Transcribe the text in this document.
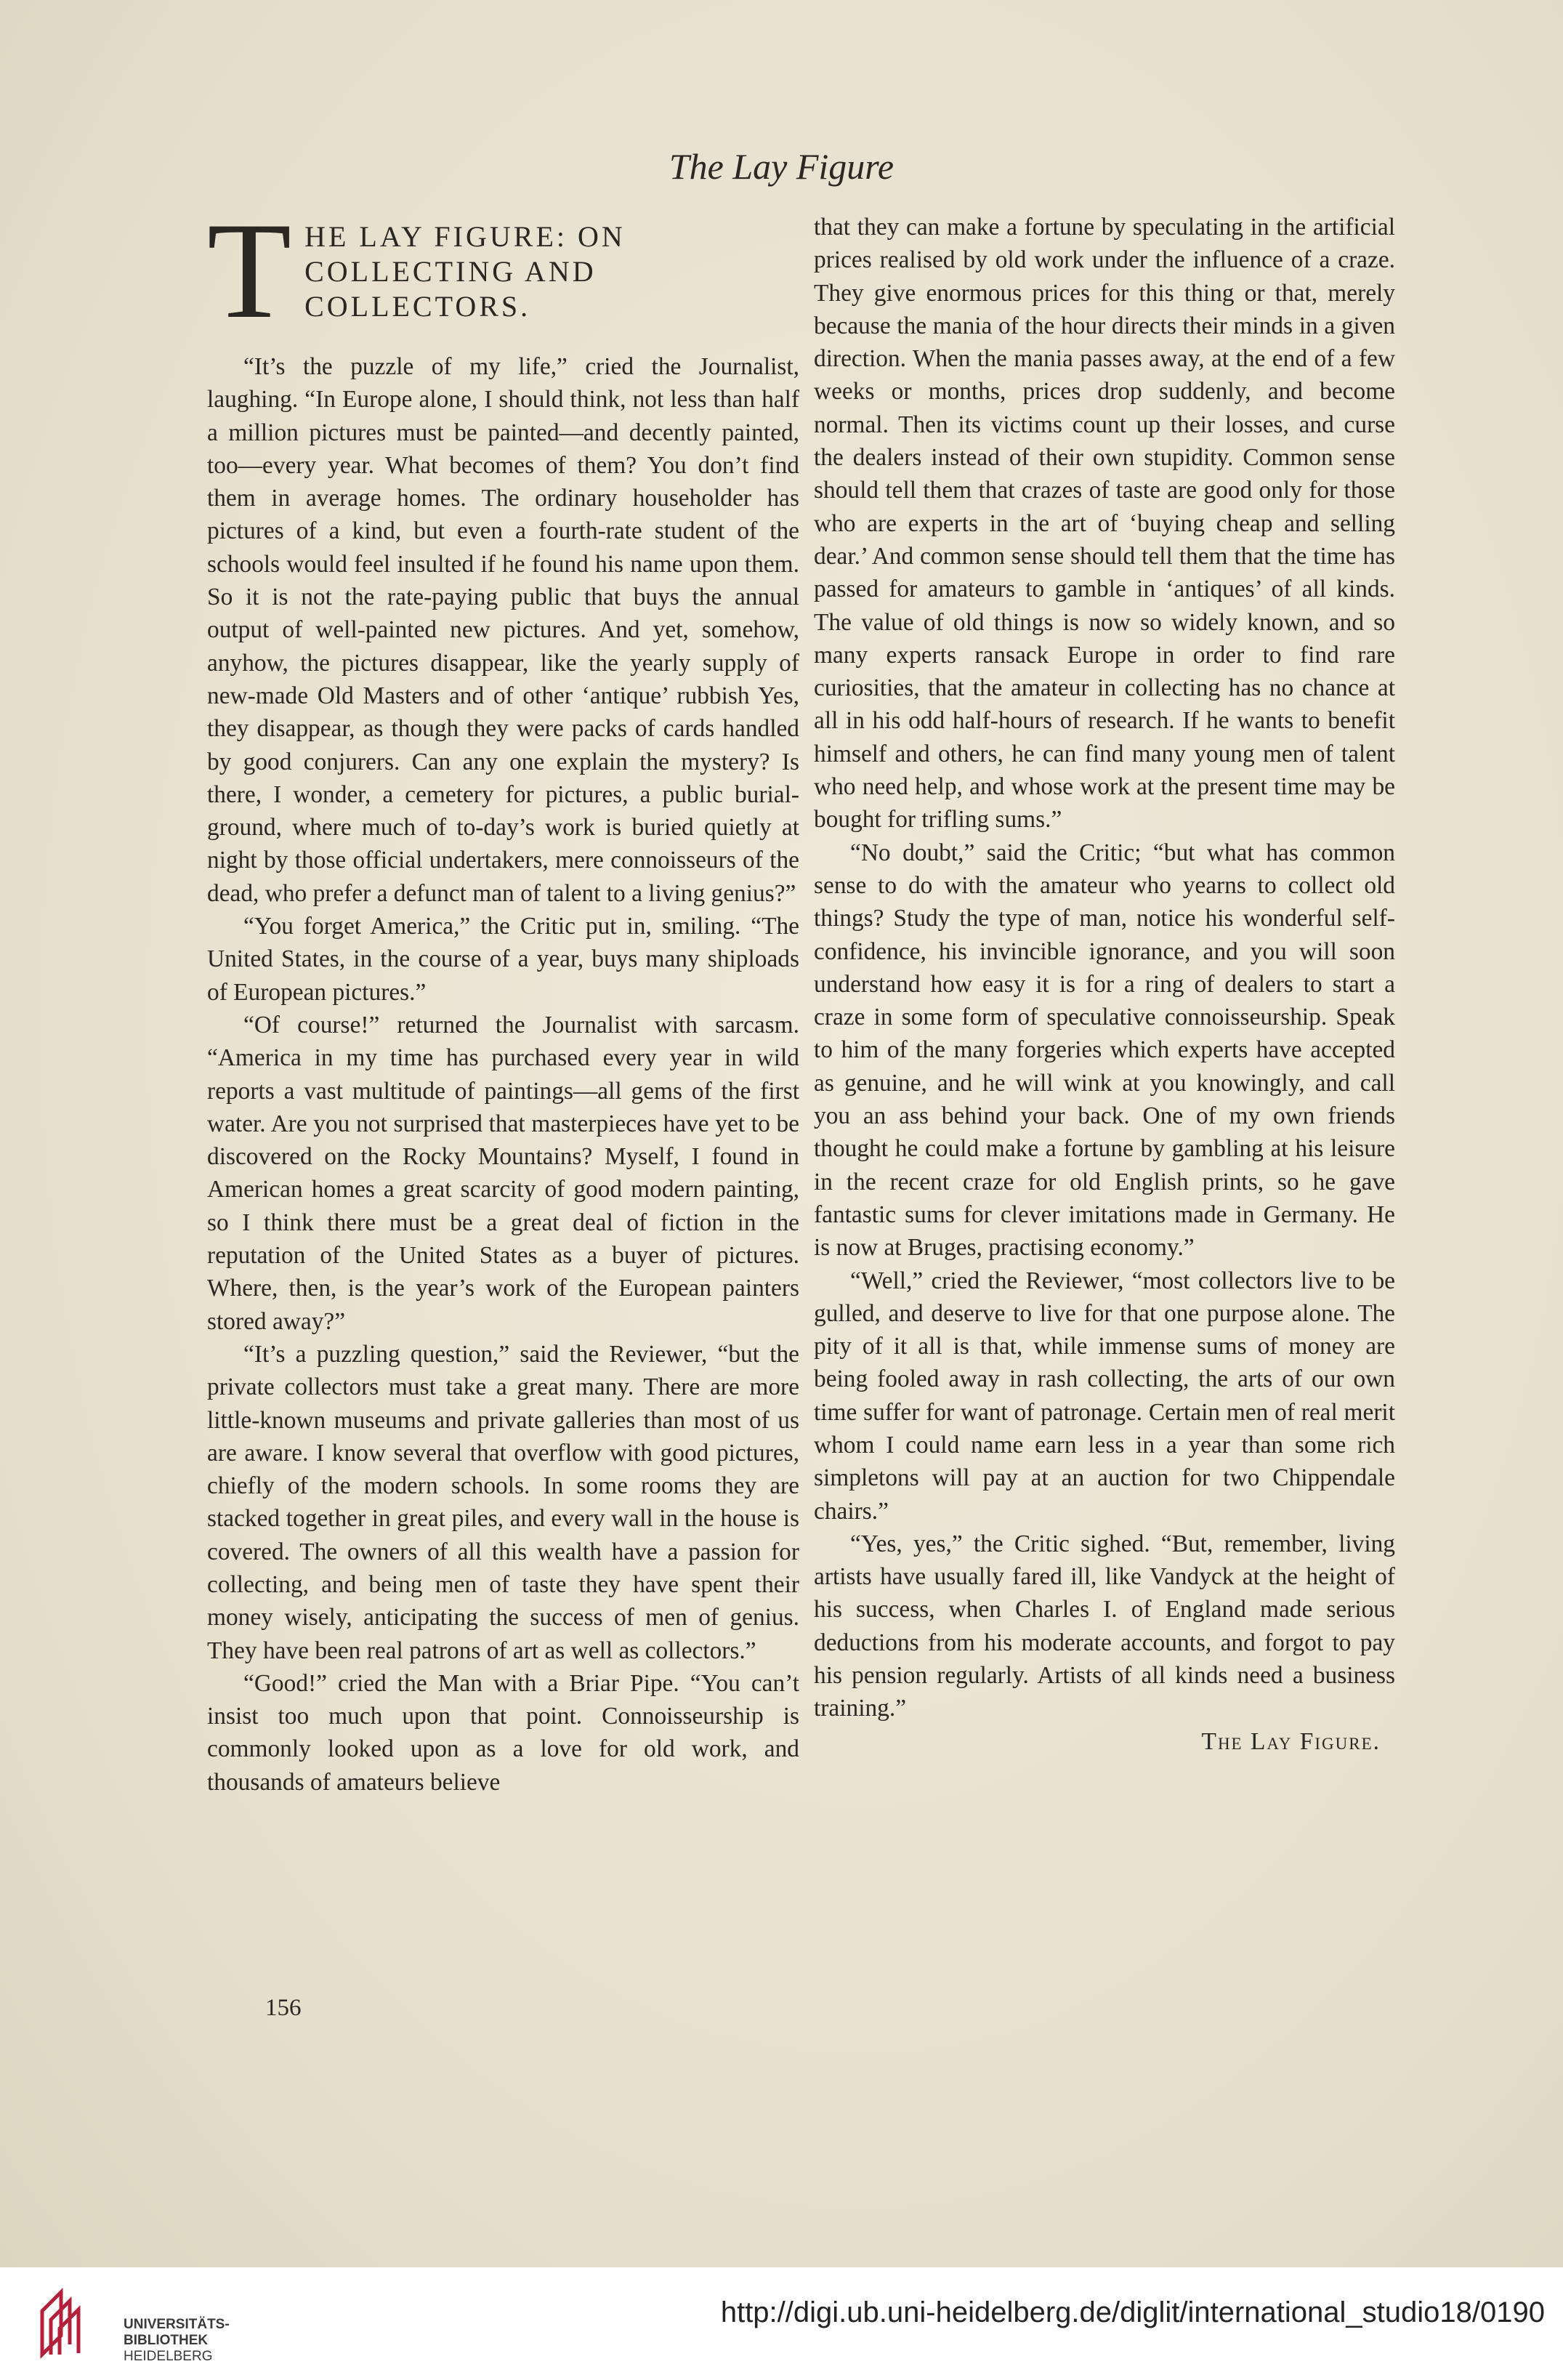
The Lay Figure
T HE LAY FIGURE: ON COLLECTING AND COLLECTORS.

“It’s the puzzle of my life,” cried the Journalist, laughing. “In Europe alone, I should think, not less than half a million pictures must be painted—and decently painted, too—every year. What becomes of them? You don’t find them in average homes. The ordinary householder has pictures of a kind, but even a fourth-rate student of the schools would feel insulted if he found his name upon them. So it is not the rate-paying public that buys the annual output of well-painted new pictures. And yet, somehow, anyhow, the pictures disappear, like the yearly supply of new-made Old Masters and of other ‘antique’ rubbish Yes, they disappear, as though they were packs of cards handled by good conjurers. Can any one explain the mystery? Is there, I wonder, a cemetery for pictures, a public burial-ground, where much of to-day’s work is buried quietly at night by those official undertakers, mere connoisseurs of the dead, who prefer a defunct man of talent to a living genius?”

“You forget America,” the Critic put in, smiling. “The United States, in the course of a year, buys many shiploads of European pictures.”

“Of course!” returned the Journalist with sarcasm. “America in my time has purchased every year in wild reports a vast multitude of paintings—all gems of the first water. Are you not surprised that masterpieces have yet to be discovered on the Rocky Mountains? Myself, I found in American homes a great scarcity of good modern painting, so I think there must be a great deal of fiction in the reputation of the United States as a buyer of pictures. Where, then, is the year’s work of the European painters stored away?”

“It’s a puzzling question,” said the Reviewer, “but the private collectors must take a great many. There are more little-known museums and private galleries than most of us are aware. I know several that overflow with good pictures, chiefly of the modern schools. In some rooms they are stacked together in great piles, and every wall in the house is covered. The owners of all this wealth have a passion for collecting, and being men of taste they have spent their money wisely, anticipating the success of men of genius. They have been real patrons of art as well as collectors.”

“Good!” cried the Man with a Briar Pipe. “You can’t insist too much upon that point. Connoisseurship is commonly looked upon as a love for old work, and thousands of amateurs believe

that they can make a fortune by speculating in the artificial prices realised by old work under the influence of a craze. They give enormous prices for this thing or that, merely because the mania of the hour directs their minds in a given direction. When the mania passes away, at the end of a few weeks or months, prices drop suddenly, and become normal. Then its victims count up their losses, and curse the dealers instead of their own stupidity. Common sense should tell them that crazes of taste are good only for those who are experts in the art of ‘buying cheap and selling dear.’ And common sense should tell them that the time has passed for amateurs to gamble in ‘antiques’ of all kinds. The value of old things is now so widely known, and so many experts ransack Europe in order to find rare curiosities, that the amateur in collecting has no chance at all in his odd half-hours of research. If he wants to benefit himself and others, he can find many young men of talent who need help, and whose work at the present time may be bought for trifling sums.”

“No doubt,” said the Critic; “but what has common sense to do with the amateur who yearns to collect old things? Study the type of man, notice his wonderful self-confidence, his invincible ignorance, and you will soon understand how easy it is for a ring of dealers to start a craze in some form of speculative connoisseurship. Speak to him of the many forgeries which experts have accepted as genuine, and he will wink at you knowingly, and call you an ass behind your back. One of my own friends thought he could make a fortune by gambling at his leisure in the recent craze for old English prints, so he gave fantastic sums for clever imitations made in Germany. He is now at Bruges, practising economy.”

“Well,” cried the Reviewer, “most collectors live to be gulled, and deserve to live for that one purpose alone. The pity of it all is that, while immense sums of money are being fooled away in rash collecting, the arts of our own time suffer for want of patronage. Certain men of real merit whom I could name earn less in a year than some rich simpletons will pay at an auction for two Chippendale chairs.”

“Yes, yes,” the Critic sighed. “But, remember, living artists have usually fared ill, like Vandyck at the height of his success, when Charles I. of England made serious deductions from his moderate accounts, and forgot to pay his pension regularly. Artists of all kinds need a business training.”

The Lay Figure.
156
UNIVERSITÄTS-
BIBLIOTHEK
HEIDELBERG
http://digi.ub.uni-heidelberg.de/diglit/international_studio18/0190
